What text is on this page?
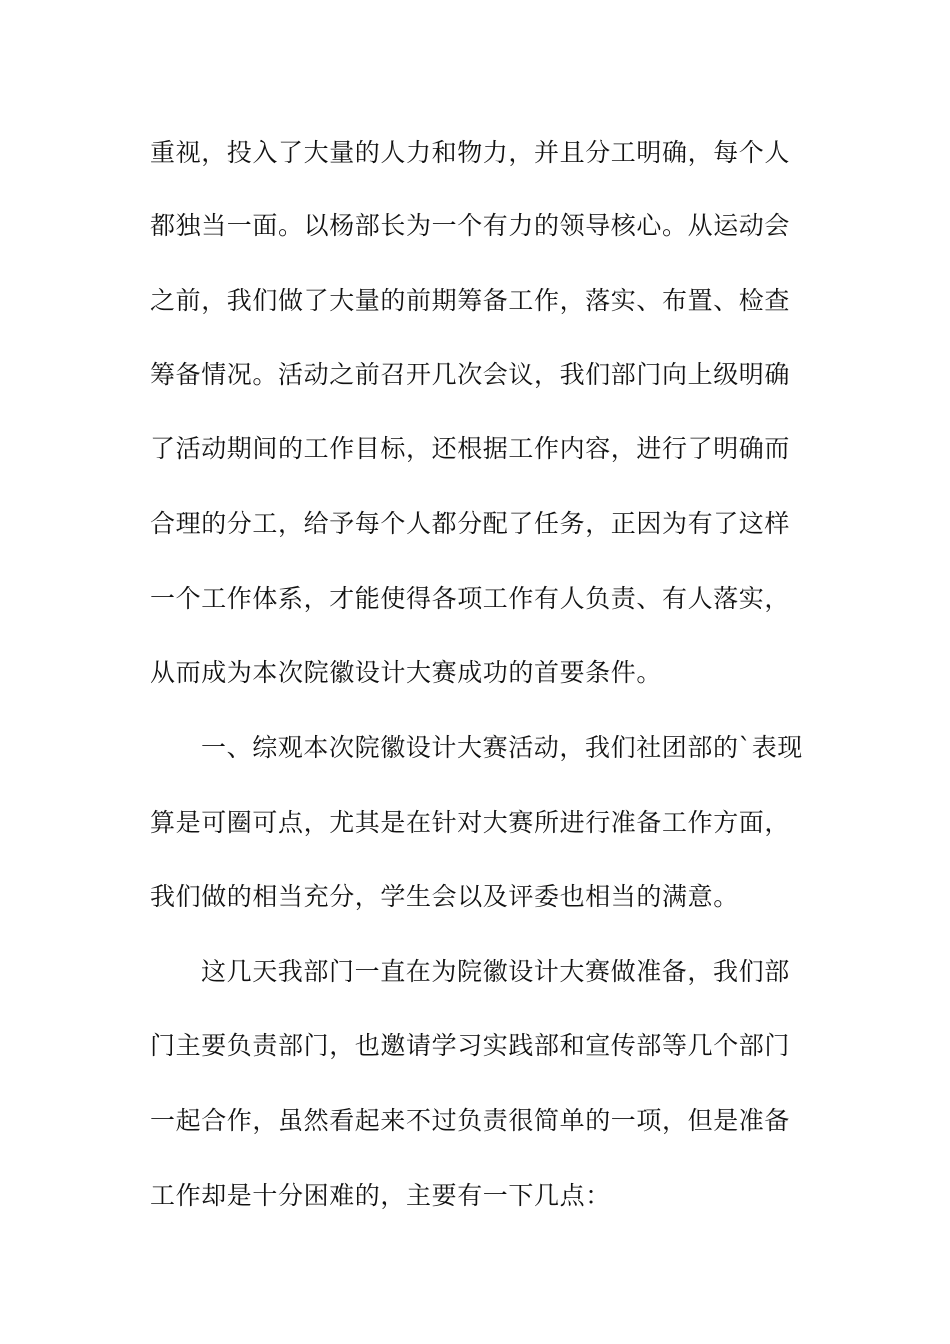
重视，投入了大量的人力和物力，并且分工明确，每个人
都独当一面。以杨部长为一个有力的领导核心。从运动会
之前，我们做了大量的前期筹备工作，落实、布置、检查
筹备情况。活动之前召开几次会议，我们部门向上级明确
了活动期间的工作目标，还根据工作内容，进行了明确而
合理的分工，给予每个人都分配了任务，正因为有了这样
一个工作体系，才能使得各项工作有人负责、有人落实，
从而成为本次院徽设计大赛成功的首要条件。
一、综观本次院徽设计大赛活动，我们社团部的`表现
算是可圈可点，尤其是在针对大赛所进行准备工作方面，
我们做的相当充分，学生会以及评委也相当的满意。
这几天我部门一直在为院徽设计大赛做准备，我们部
门主要负责部门，也邀请学习实践部和宣传部等几个部门
一起合作，虽然看起来不过负责很简单的一项，但是准备
工作却是十分困难的，主要有一下几点：
